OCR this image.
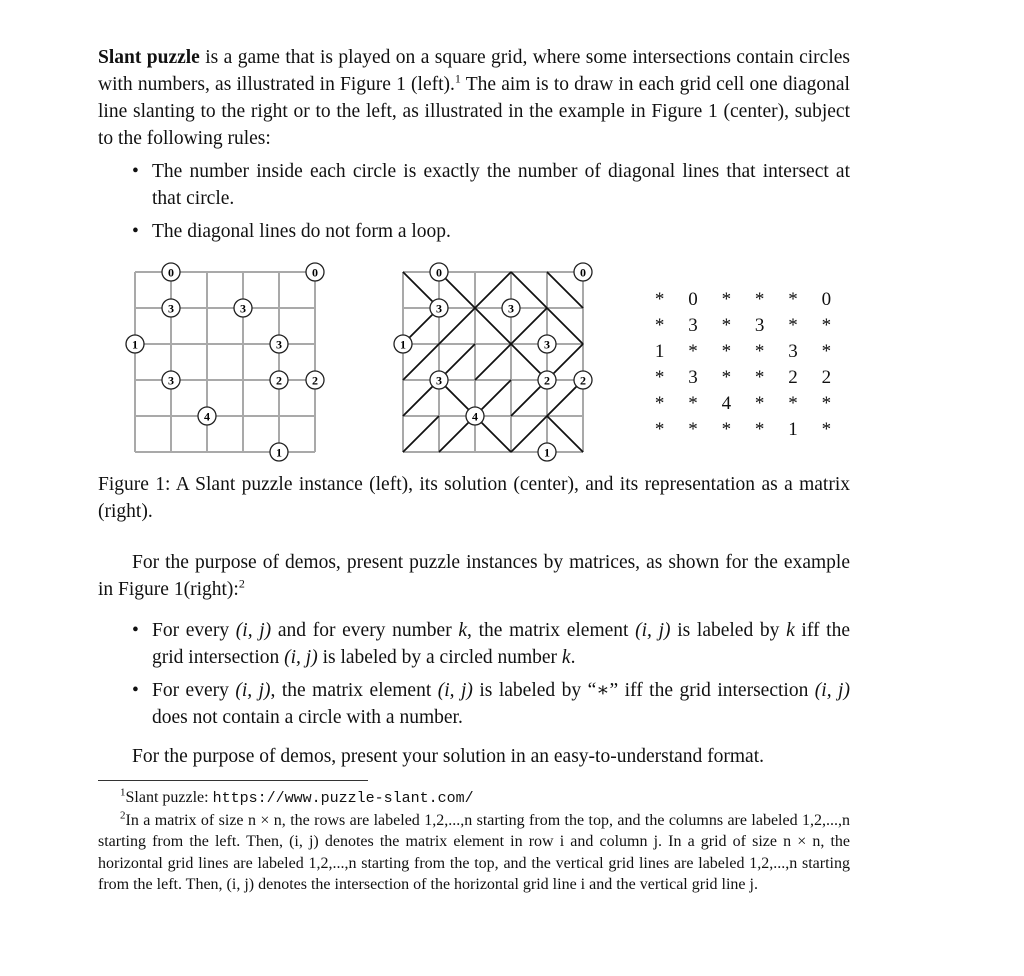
Slant puzzle is a game that is played on a square grid, where some intersections contain circles with numbers, as illustrated in Figure 1 (left).$^1$ The aim is to draw in each grid cell one diagonal line slanting to the right or to the left, as illustrated in the example in Figure 1 (center), subject to the following rules:

• The number inside each circle is exactly the number of diagonal lines that intersect at that circle.
• The diagonal lines do not form a loop.
0	0
3	3
1	3
3	2	2
4
1
0	0
3	3
1	3
3	2	2
4
1
*	0	*	*	*	0
*	3	*	3	*	*
1	*	*	*	3	*
*	3	*	*	2	2
*	*	4	*	*	*
*	*	*	*	1	*

Figure 1: A Slant puzzle instance (left), its solution (center), and its representation as a matrix (right).

For the purpose of demos, present puzzle instances by matrices, as shown for the example in Figure 1(right):$^2$

• For every (i, j) and for every number k, the matrix element (i, j) is labeled by k iff the grid intersection (i, j) is labeled by a circled number k.
• For every (i, j), the matrix element (i, j) is labeled by “∗” iff the grid intersection (i, j) does not contain a circle with a number.

For the purpose of demos, present your solution in an easy-to-understand format.

$^1$Slant puzzle: https://www.puzzle-slant.com/

$^2$In a matrix of size n × n, the rows are labeled 1,2,...,n starting from the top, and the columns are labeled 1,2,...,n starting from the left. Then, (i, j) denotes the matrix element in row i and column j. In a grid of size n × n, the horizontal grid lines are labeled 1,2,...,n starting from the top, and the vertical grid lines are labeled 1,2,...,n starting from the left. Then, (i, j) denotes the intersection of the horizontal grid line i and the vertical grid line j.
